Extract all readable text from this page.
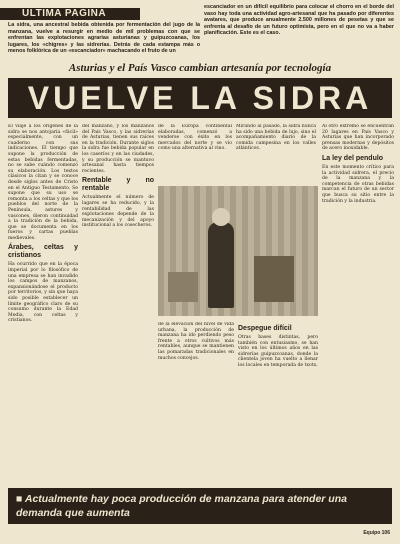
ULTIMA PAGINA
La sidra, una ancestral bebida obtenida por fermentación del jugo de la manzana, vuelve a resurgir en medio de mil problemas con que se enfrentan las explotaciones agrarias asturianas y guipuzcoanas, los lugares, los «chigres» y las sidrerías. Detrás de cada estampa más o menos folklórica de un «escanciador» machacando el fruto de un
escanciador en un difícil equilibrio para colocar el chorro en el borde del vaso hay toda una actividad agro-artesanal que ha pasado por diferentes avatares, que produce anualmente 2.500 millones de pesetas y que se enfrenta al desafío de un futuro optimista, pero en el que no va a haber planificación. Este es el caso.
Asturias y el País Vasco cambian artesanía por tecnología
VUELVE LA SIDRA
El viaje a los orígenes de la sidra se nos antojaría «fácil» especialmente, con un cuaderno con sus indicaciones. El tiempo que supone la producción de estas bebidas fermentadas, no se sabe cuándo comenzó su elaboración. Los textos clásicos la citan y se conoce desde siglos antes de Cristo en el Antiguo Testamento. Se supone que su uso se remonta a los celtas y que los pueblos del norte de la Península, astures y vascones, dieron continuidad a la tradición de la bebida, que se documenta en los fueros y cartas pueblas medievales.
Árabes, celtas y cristianos
Ha ocurrido que en la época imperial por lo filosófico de una empresa se han invadido los campos de manzanos, expansionándose el producto por territorios, y sin que haya sido posible establecer un límite geográfico claro de su consumo durante la Edad Media, con celtas y cristianos.
del manzano, y los manzanos del País Vasco, y las sidrerías de Asturias, tienen sus raíces en la tradición. Durante siglos la sidra fue bebida popular en los caseríos y en las ciudades, y su producción se mantuvo artesanal hasta tiempos recientes.
Rentable y no rentable
Actualmente el número de lagares se ha reducido, y la rentabilidad de las explotaciones depende de la mecanización y del apoyo institucional a los cosecheros.
de la Europa continental elaboradas, comenzó a venderse con éxito en los mercados del norte y se vio como una alternativa al vino.
Mirando al pasado, la sidra nunca ha sido una bebida de lujo, sino el acompañamiento diario de la comida campesina en los valles atlánticos.
de la elevación del nivel de vida urbana, la producción de manzana ha ido perdiendo peso frente a otros cultivos más rentables, aunque se mantienen las pomaradas tradicionales en muchos concejos.
Despegue difícil
Otras bases distintas, pero también con entusiasmo, se han visto en los últimos años en las sidrerías guipuzcoanas, donde la clientela joven ha vuelto a llenar los locales en temporada de txotx.
Al otro extremo se encuentran 20 lagares en País Vasco y Asturias que han incorporado prensas modernas y depósitos de acero inoxidable.
La ley del pendulo
En este momento crítico para la actividad sidrera, el precio de la manzana y la competencia de otras bebidas marcan el futuro de un sector que busca su sitio entre la tradición y la industria.
■ Actualmente hay poca producción de manzana para atender una demanda que aumenta
Equipo 106
